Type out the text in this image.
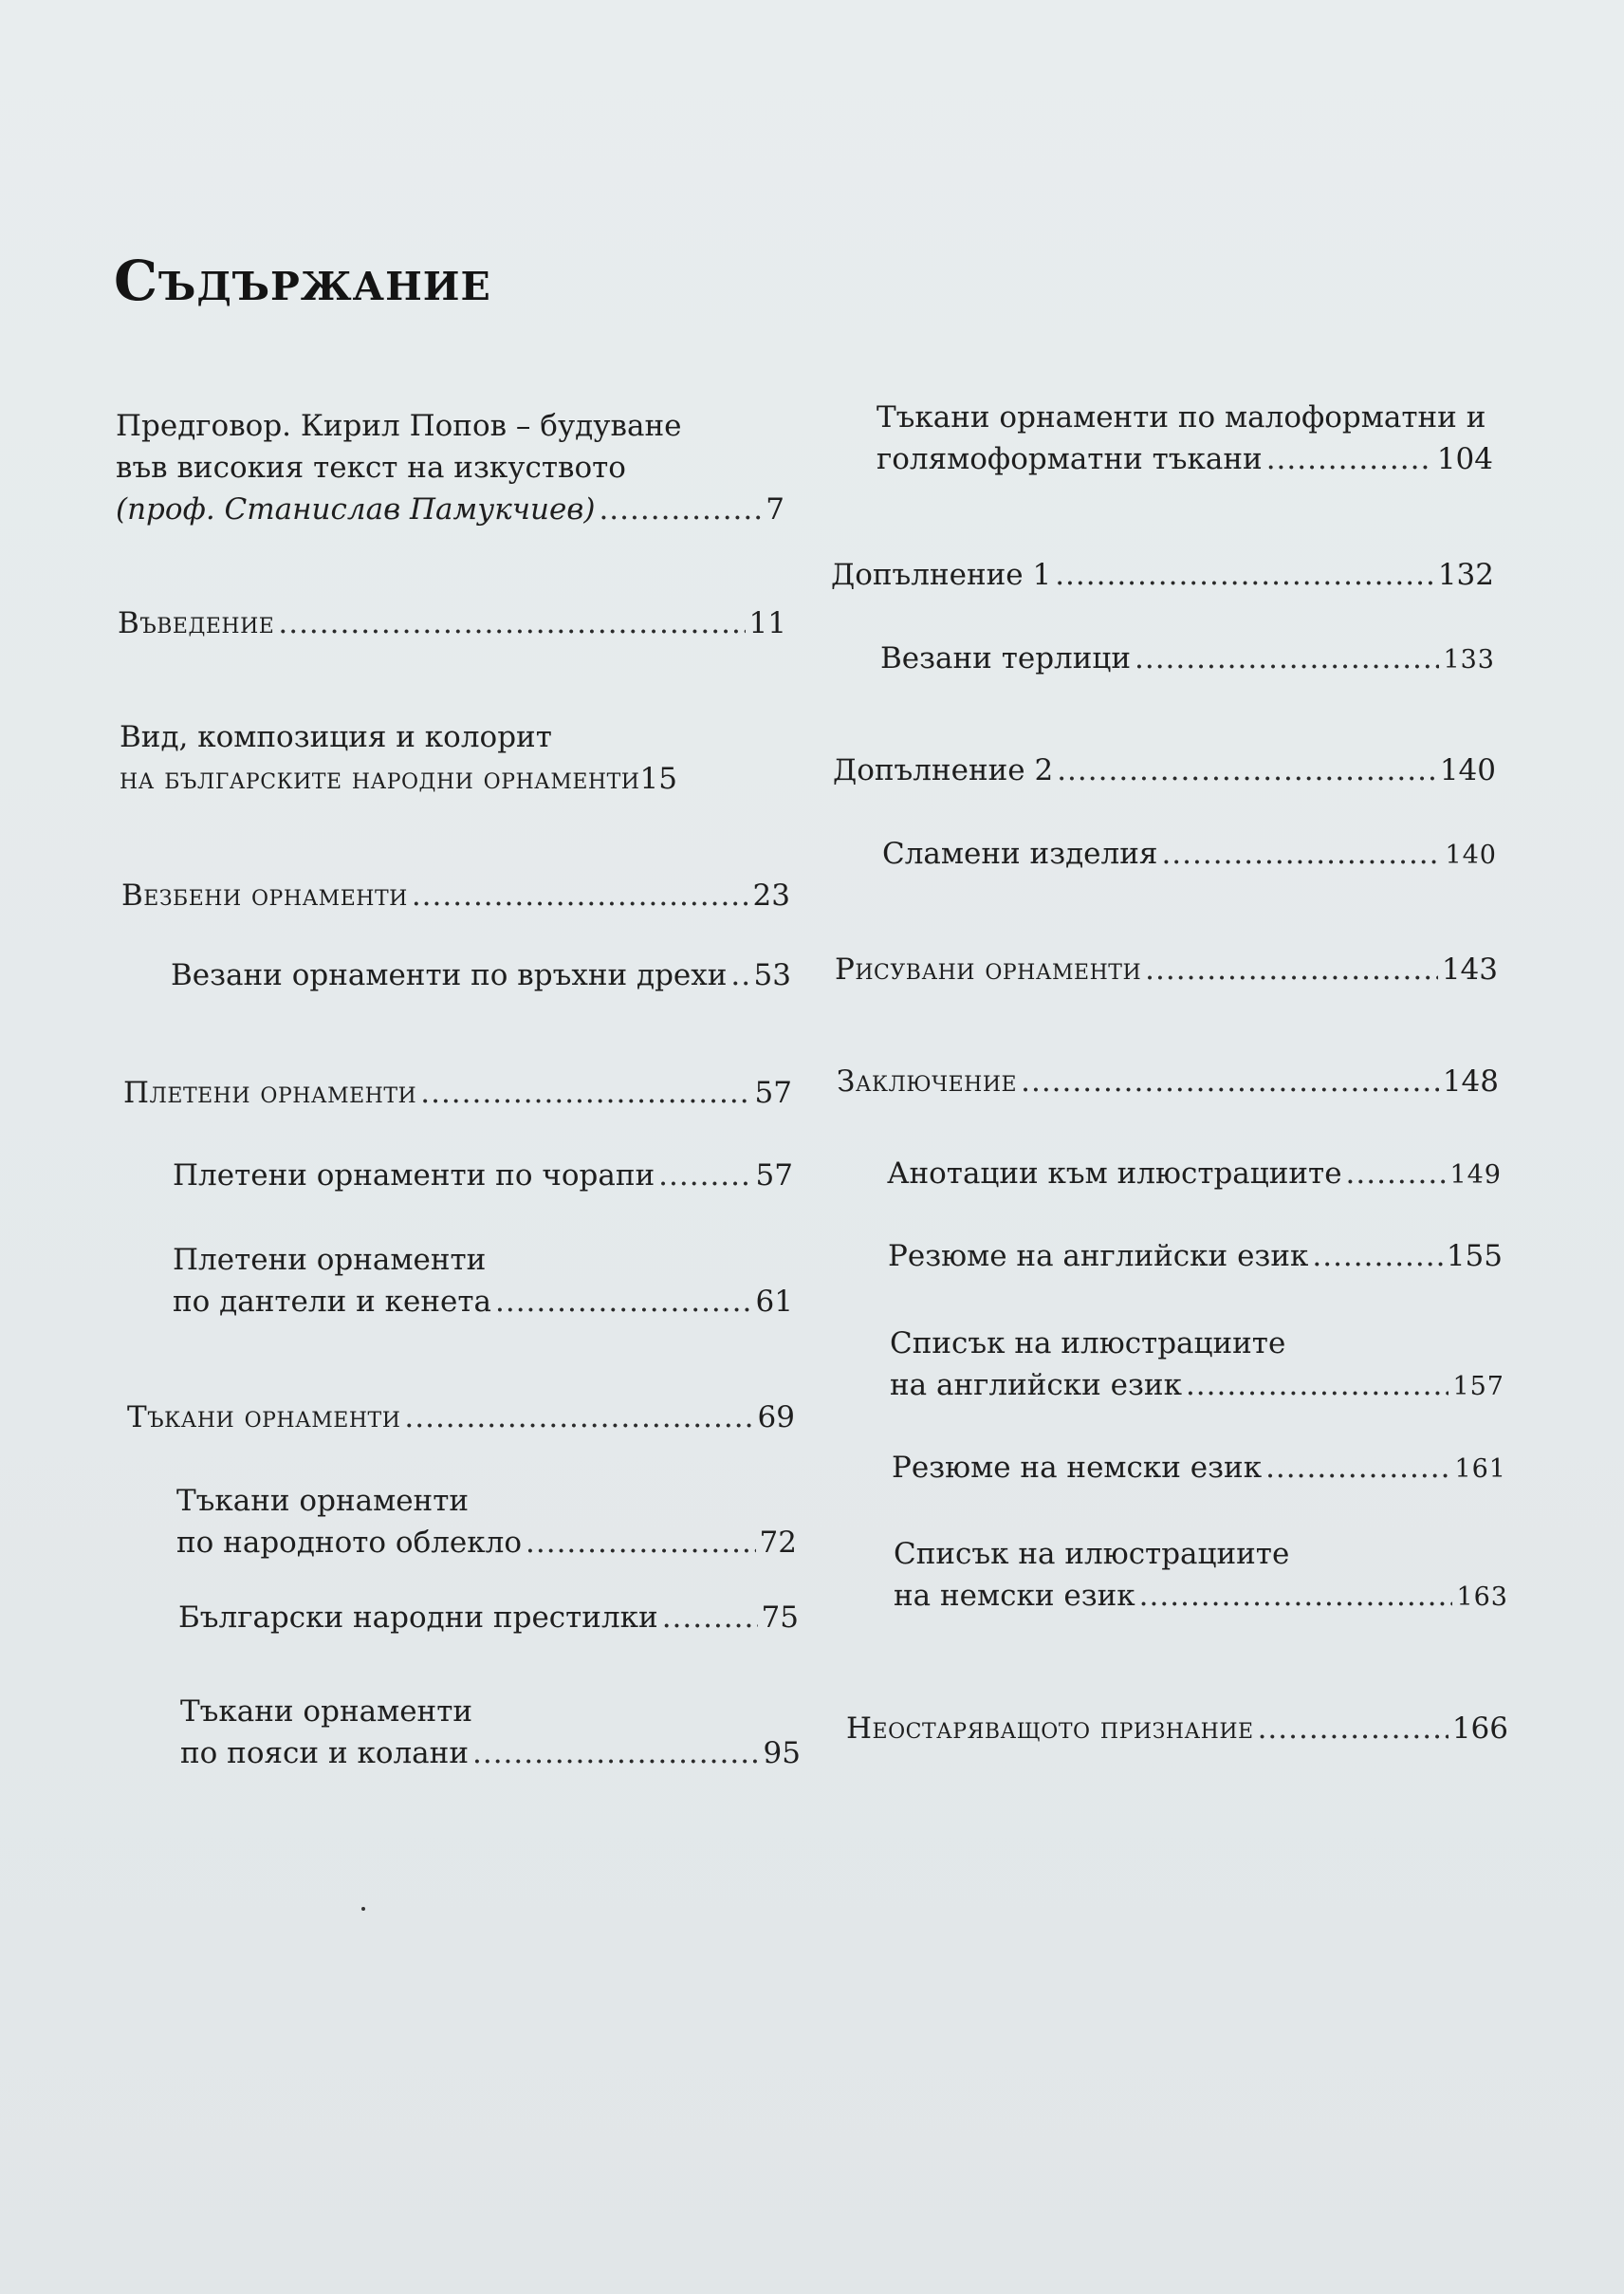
Съдържание
Предговор. Кирил Попов – будуване
във високия текст на изкуството
(проф. Станислав Памукчиев) .....	7
Въведение .....	11
Вид, композиция и колорит
на българските народни орнаменти 15
Везбени орнаменти .....	23
Везани орнаменти по връхни дрехи ..... 53
Плетени орнаменти .....	57
Плетени орнаменти по чорапи .....	57
Плетени орнаменти
по дантели и кенета .....	61
Тъкани орнаменти .....	69
Тъкани орнаменти
по народното облекло .....	72
Български народни престилки .....	75
Тъкани орнаменти
по пояси и колани .....	95
Тъкани орнаменти по малоформатни и
голямоформатни тъкани .....	104
Допълнение 1 .....	132
Везани терлици .....	133
Допълнение 2 .....	140
Сламени изделия .....	140
Рисувани орнаменти .....	143
Заключение .....	148
Анотации към илюстрациите .....	149
Резюме на английски език .....	155
Списък на илюстрациите
на английски език .....	157
Резюме на немски език .....	161
Списък на илюстрациите
на немски език .....	163
Неостаряващото признание .....	166
